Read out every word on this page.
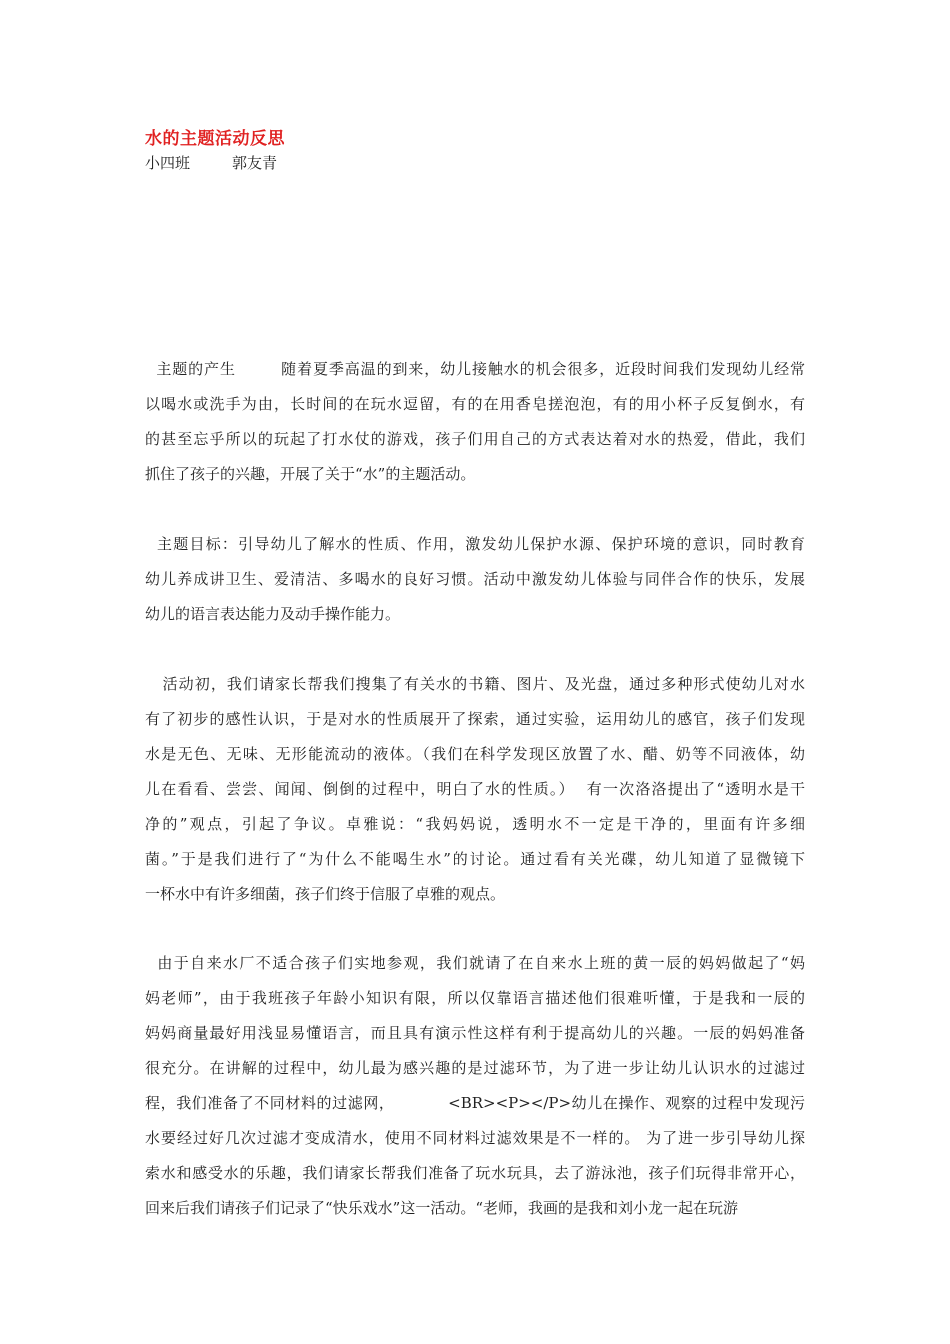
水的主题活动反思
小四班	郭友青
主题的产生        随着夏季高温的到来，幼儿接触水的机会很多，近段时间我们发现幼儿经常
以喝水或洗手为由，长时间的在玩水逗留，有的在用香皂搓泡泡，有的用小杯子反复倒水，有
的甚至忘乎所以的玩起了打水仗的游戏，孩子们用自己的方式表达着对水的热爱，借此，我们
抓住了孩子的兴趣，开展了关于“水”的主题活动。
主题目标：引导幼儿了解水的性质、作用，激发幼儿保护水源、保护环境的意识，同时教育
幼儿养成讲卫生、爱清洁、多喝水的良好习惯。活动中激发幼儿体验与同伴合作的快乐，发展
幼儿的语言表达能力及动手操作能力。
活动初，我们请家长帮我们搜集了有关水的书籍、图片、及光盘，通过多种形式使幼儿对水
有了初步的感性认识，于是对水的性质展开了探索，通过实验，运用幼儿的感官，孩子们发现
水是无色、无味、无形能流动的液体。（我们在科学发现区放置了水、醋、奶等不同液体，幼
儿在看看、尝尝、闻闻、倒倒的过程中，明白了水的性质。）  有一次洛洛提出了“透明水是干
净的”观点，引起了争议。卓雅说：“我妈妈说，透明水不一定是干净的，里面有许多细
菌。”于是我们进行了“为什么不能喝生水”的讨论。通过看有关光碟，幼儿知道了显微镜下
一杯水中有许多细菌，孩子们终于信服了卓雅的观点。
由于自来水厂不适合孩子们实地参观，我们就请了在自来水上班的黄一辰的妈妈做起了“妈
妈老师”，由于我班孩子年龄小知识有限，所以仅靠语言描述他们很难听懂，于是我和一辰的
妈妈商量最好用浅显易懂语言，而且具有演示性这样有利于提高幼儿的兴趣。一辰的妈妈准备
很充分。在讲解的过程中，幼儿最为感兴趣的是过滤环节，为了进一步让幼儿认识水的过滤过
程，我们准备了不同材料的过滤网，          <BR><P></P>幼儿在操作、观察的过程中发现污
水要经过好几次过滤才变成清水，使用不同材料过滤效果是不一样的。 为了进一步引导幼儿探
索水和感受水的乐趣，我们请家长帮我们准备了玩水玩具，去了游泳池，孩子们玩得非常开心，
回来后我们请孩子们记录了“快乐戏水”这一活动。“老师，我画的是我和刘小龙一起在玩游
